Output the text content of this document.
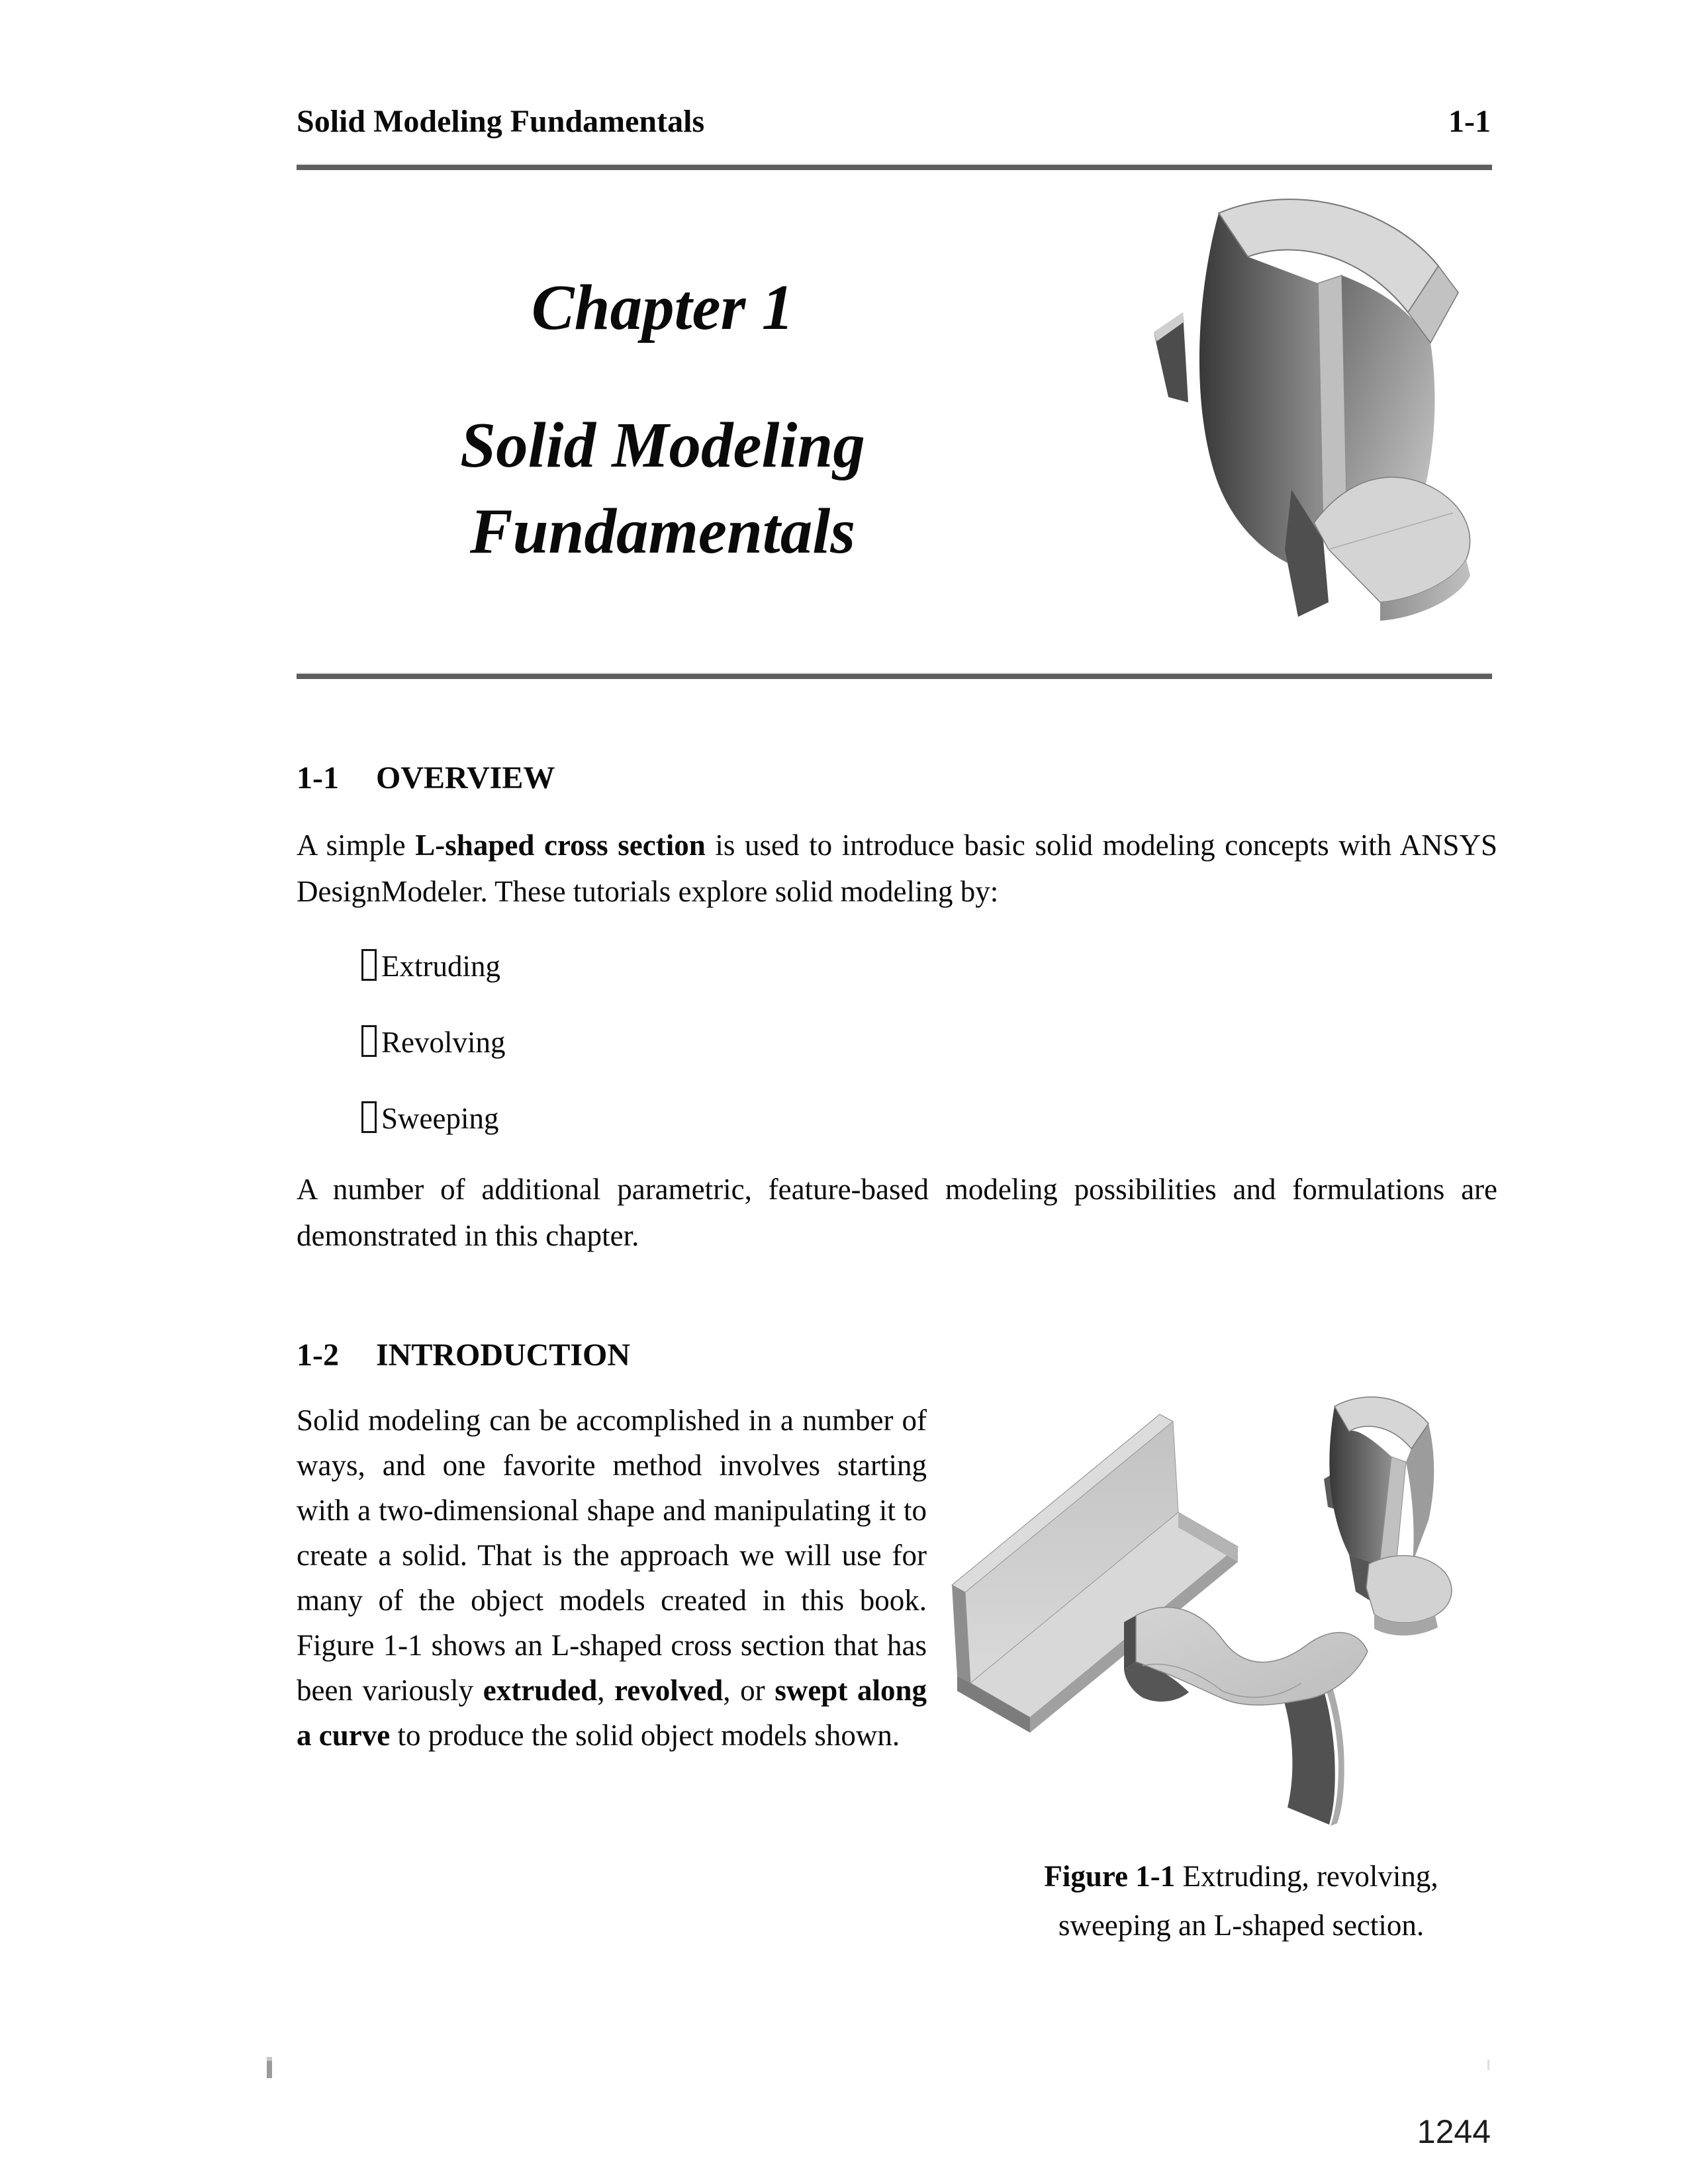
Solid Modeling Fundamentals	1-1
Chapter 1
Solid Modeling
Fundamentals
1-1 OVERVIEW
A simple L-shaped cross section is used to introduce basic solid modeling concepts with ANSYS DesignModeler. These tutorials explore solid modeling by:
Extruding
Revolving
Sweeping
A number of additional parametric, feature-based modeling possibilities and formulations are demonstrated in this chapter.
1-2 INTRODUCTION
Solid modeling can be accomplished in a number of ways, and one favorite method involves starting with a two-dimensional shape and manipulating it to create a solid. That is the approach we will use for many of the object models created in this book. Figure 1-1 shows an L-shaped cross section that has been variously extruded, revolved, or swept along a curve to produce the solid object models shown.
Figure 1-1 Extruding, revolving,
sweeping an L-shaped section.
1244
